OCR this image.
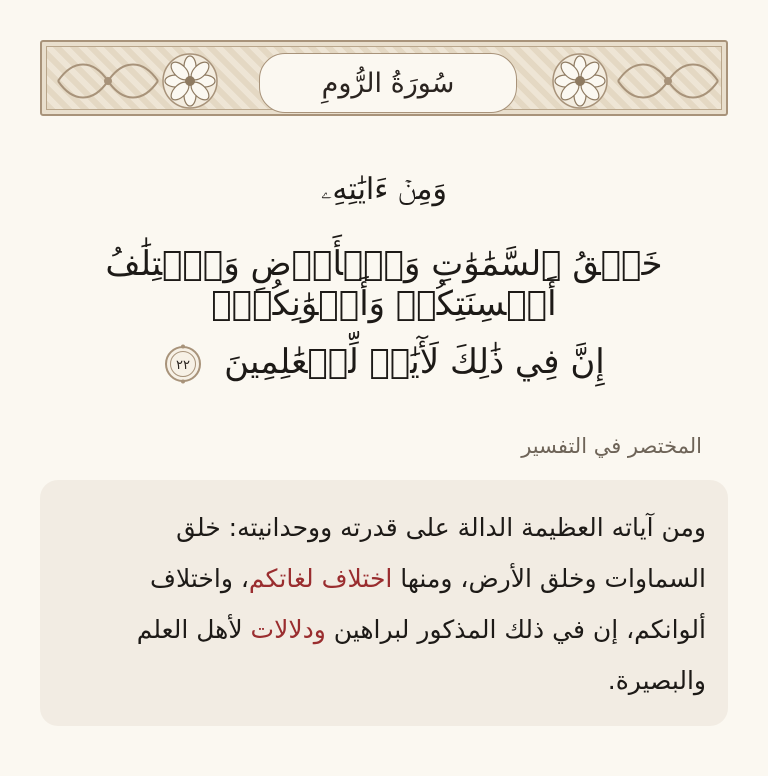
سُورَةُ الرُّومِ
وَمِنۡ ءَايَٰتِهِۦ
خَلۡقُ ٱلسَّمَٰوَٰتِ وَٱلۡأَرۡضِ وَٱخۡتِلَٰفُ أَلۡسِنَتِكُمۡ وَأَلۡوَٰنِكُمۡۚ
إِنَّ فِي ذَٰلِكَ لَأٓيَٰتٖ لِّلۡعَٰلِمِينَ
٢٢
المختصر في التفسير
ومن آياته العظيمة الدالة على قدرته ووحدانيته: خلق السماوات وخلق الأرض، ومنها اختلاف لغاتكم، واختلاف ألوانكم، إن في ذلك المذكور لبراهين ودلالات لأهل العلم والبصيرة.
